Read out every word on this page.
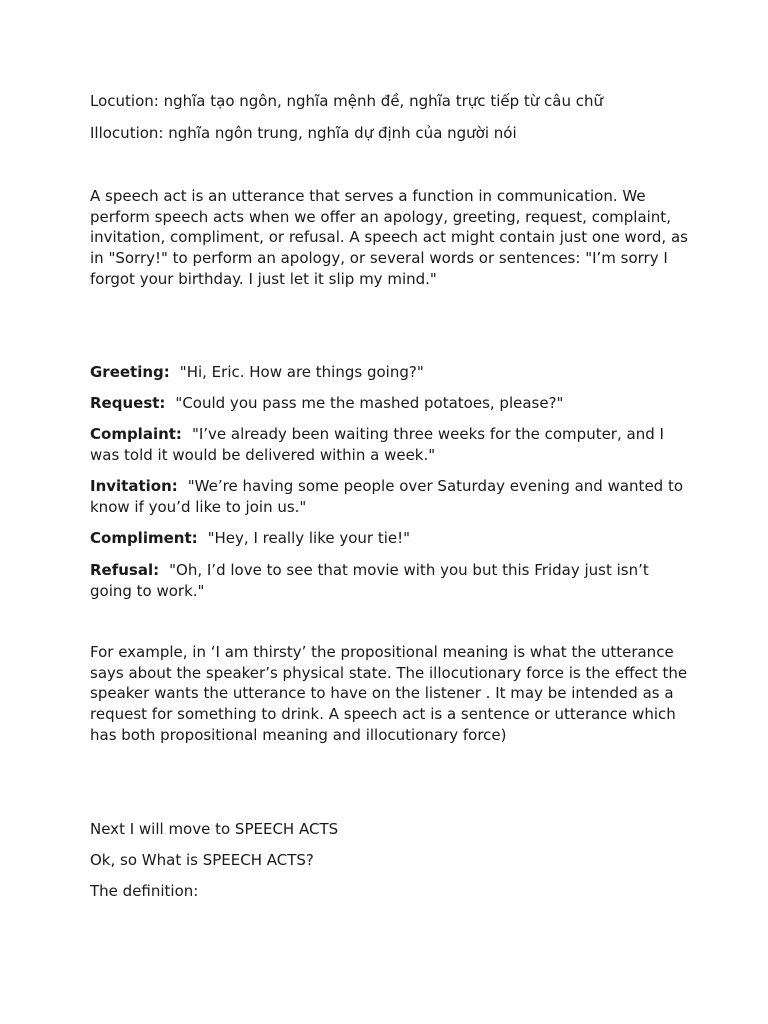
Locution: nghĩa tạo ngôn, nghĩa mệnh đề, nghĩa trực tiếp từ câu chữ

Illocution: nghĩa ngôn trung, nghĩa dự định của người nói

A speech act is an utterance that serves a function in communication. We perform speech acts when we offer an apology, greeting, request, complaint, invitation, compliment, or refusal. A speech act might contain just one word, as in "Sorry!" to perform an apology, or several words or sentences: "I’m sorry I forgot your birthday. I just let it slip my mind."

Greeting: "Hi, Eric. How are things going?"

Request: "Could you pass me the mashed potatoes, please?"

Complaint: "I’ve already been waiting three weeks for the computer, and I was told it would be delivered within a week."

Invitation: "We’re having some people over Saturday evening and wanted to know if you’d like to join us."

Compliment: "Hey, I really like your tie!"

Refusal: "Oh, I’d love to see that movie with you but this Friday just isn’t going to work."

For example, in ‘I am thirsty’ the propositional meaning is what the utterance says about the speaker’s physical state. The illocutionary force is the effect the speaker wants the utterance to have on the listener . It may be intended as a request for something to drink. A speech act is a sentence or utterance which has both propositional meaning and illocutionary force)

Next I will move to SPEECH ACTS

Ok, so What is SPEECH ACTS?

The definition:
